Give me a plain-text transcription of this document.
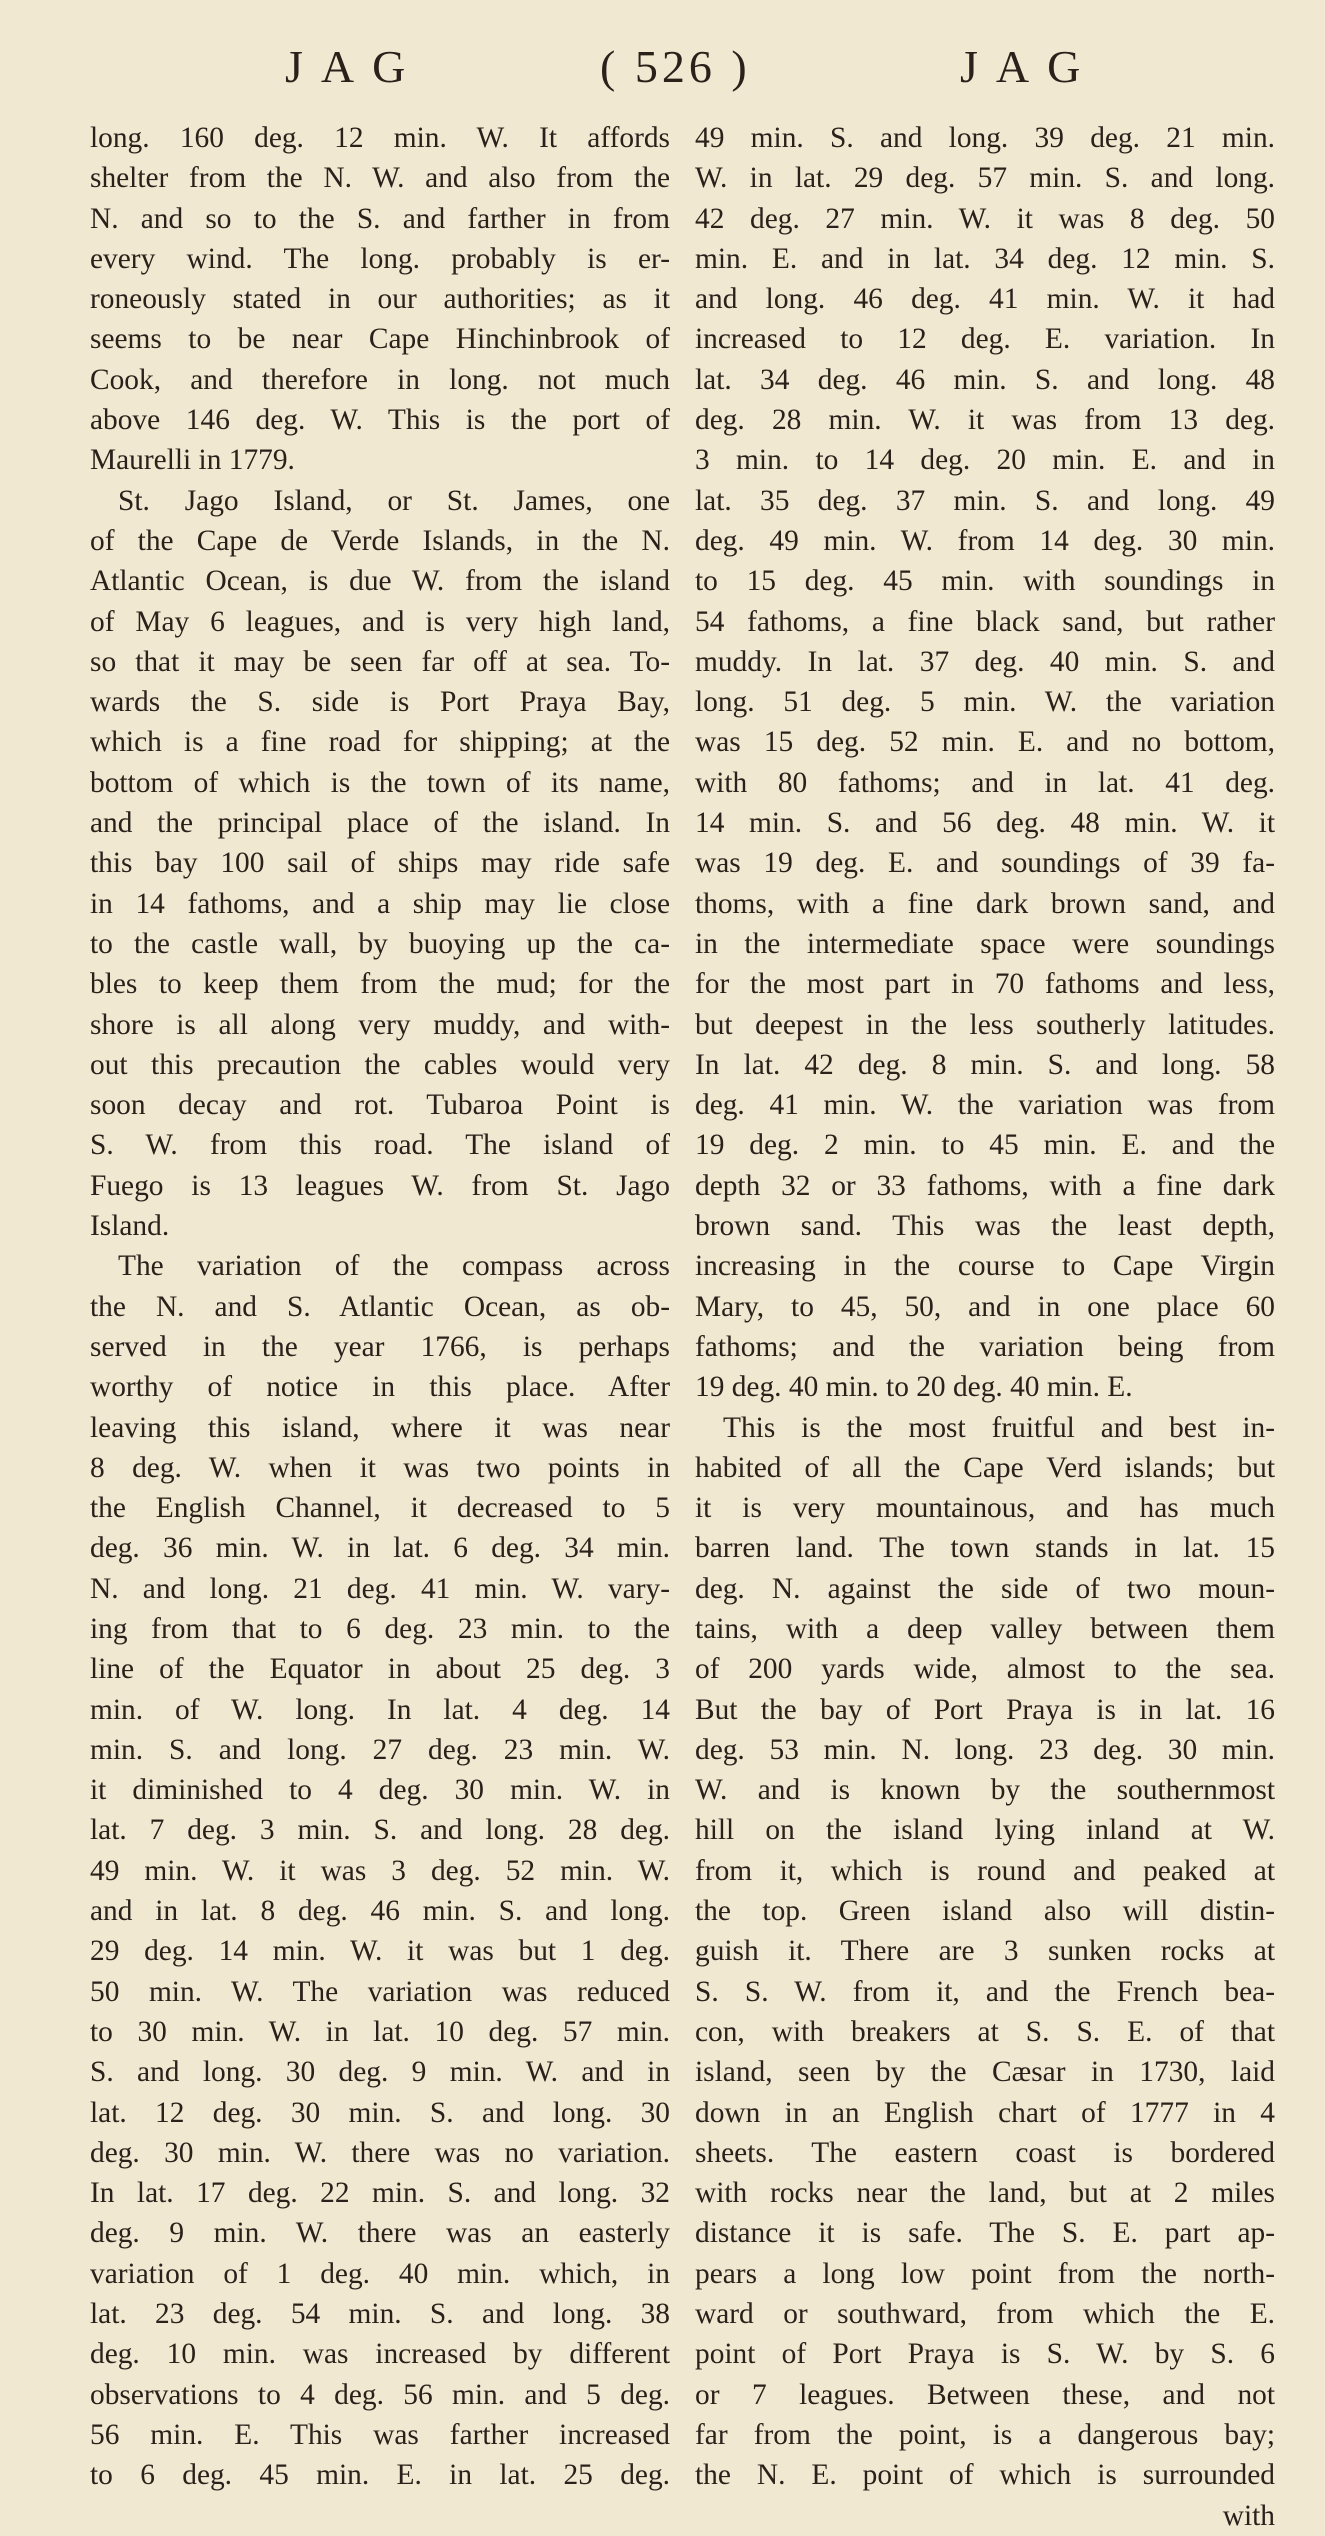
JAG	( 526 )	JAG
long. 160 deg. 12 min. W. It affords
shelter from the N. W. and also from the
N. and so to the S. and farther in from
every wind. The long. probably is er-
roneously stated in our authorities; as it
seems to be near Cape Hinchinbrook of
Cook, and therefore in long. not much
above 146 deg. W. This is the port of
Maurelli in 1779.
St. Jago Island, or St. James, one
of the Cape de Verde Islands, in the N.
Atlantic Ocean, is due W. from the island
of May 6 leagues, and is very high land,
so that it may be seen far off at sea. To-
wards the S. side is Port Praya Bay,
which is a fine road for shipping; at the
bottom of which is the town of its name,
and the principal place of the island. In
this bay 100 sail of ships may ride safe
in 14 fathoms, and a ship may lie close
to the castle wall, by buoying up the ca-
bles to keep them from the mud; for the
shore is all along very muddy, and with-
out this precaution the cables would very
soon decay and rot. Tubaroa Point is
S. W. from this road. The island of
Fuego is 13 leagues W. from St. Jago
Island.
The variation of the compass across
the N. and S. Atlantic Ocean, as ob-
served in the year 1766, is perhaps
worthy of notice in this place. After
leaving this island, where it was near
8 deg. W. when it was two points in
the English Channel, it decreased to 5
deg. 36 min. W. in lat. 6 deg. 34 min.
N. and long. 21 deg. 41 min. W. vary-
ing from that to 6 deg. 23 min. to the
line of the Equator in about 25 deg. 3
min. of W. long. In lat. 4 deg. 14
min. S. and long. 27 deg. 23 min. W.
it diminished to 4 deg. 30 min. W. in
lat. 7 deg. 3 min. S. and long. 28 deg.
49 min. W. it was 3 deg. 52 min. W.
and in lat. 8 deg. 46 min. S. and long.
29 deg. 14 min. W. it was but 1 deg.
50 min. W. The variation was reduced
to 30 min. W. in lat. 10 deg. 57 min.
S. and long. 30 deg. 9 min. W. and in
lat. 12 deg. 30 min. S. and long. 30
deg. 30 min. W. there was no variation.
In lat. 17 deg. 22 min. S. and long. 32
deg. 9 min. W. there was an easterly
variation of 1 deg. 40 min. which, in
lat. 23 deg. 54 min. S. and long. 38
deg. 10 min. was increased by different
observations to 4 deg. 56 min. and 5 deg.
56 min. E. This was farther increased
to 6 deg. 45 min. E. in lat. 25 deg.
49 min. S. and long. 39 deg. 21 min.
W. in lat. 29 deg. 57 min. S. and long.
42 deg. 27 min. W. it was 8 deg. 50
min. E. and in lat. 34 deg. 12 min. S.
and long. 46 deg. 41 min. W. it had
increased to 12 deg. E. variation. In
lat. 34 deg. 46 min. S. and long. 48
deg. 28 min. W. it was from 13 deg.
3 min. to 14 deg. 20 min. E. and in
lat. 35 deg. 37 min. S. and long. 49
deg. 49 min. W. from 14 deg. 30 min.
to 15 deg. 45 min. with soundings in
54 fathoms, a fine black sand, but rather
muddy. In lat. 37 deg. 40 min. S. and
long. 51 deg. 5 min. W. the variation
was 15 deg. 52 min. E. and no bottom,
with 80 fathoms; and in lat. 41 deg.
14 min. S. and 56 deg. 48 min. W. it
was 19 deg. E. and soundings of 39 fa-
thoms, with a fine dark brown sand, and
in the intermediate space were soundings
for the most part in 70 fathoms and less,
but deepest in the less southerly latitudes.
In lat. 42 deg. 8 min. S. and long. 58
deg. 41 min. W. the variation was from
19 deg. 2 min. to 45 min. E. and the
depth 32 or 33 fathoms, with a fine dark
brown sand. This was the least depth,
increasing in the course to Cape Virgin
Mary, to 45, 50, and in one place 60
fathoms; and the variation being from
19 deg. 40 min. to 20 deg. 40 min. E.
This is the most fruitful and best in-
habited of all the Cape Verd islands; but
it is very mountainous, and has much
barren land. The town stands in lat. 15
deg. N. against the side of two moun-
tains, with a deep valley between them
of 200 yards wide, almost to the sea.
But the bay of Port Praya is in lat. 16
deg. 53 min. N. long. 23 deg. 30 min.
W. and is known by the southernmost
hill on the island lying inland at W.
from it, which is round and peaked at
the top. Green island also will distin-
guish it. There are 3 sunken rocks at
S. S. W. from it, and the French bea-
con, with breakers at S. S. E. of that
island, seen by the Cæsar in 1730, laid
down in an English chart of 1777 in 4
sheets. The eastern coast is bordered
with rocks near the land, but at 2 miles
distance it is safe. The S. E. part ap-
pears a long low point from the north-
ward or southward, from which the E.
point of Port Praya is S. W. by S. 6
or 7 leagues. Between these, and not
far from the point, is a dangerous bay;
the N. E. point of which is surrounded
with
